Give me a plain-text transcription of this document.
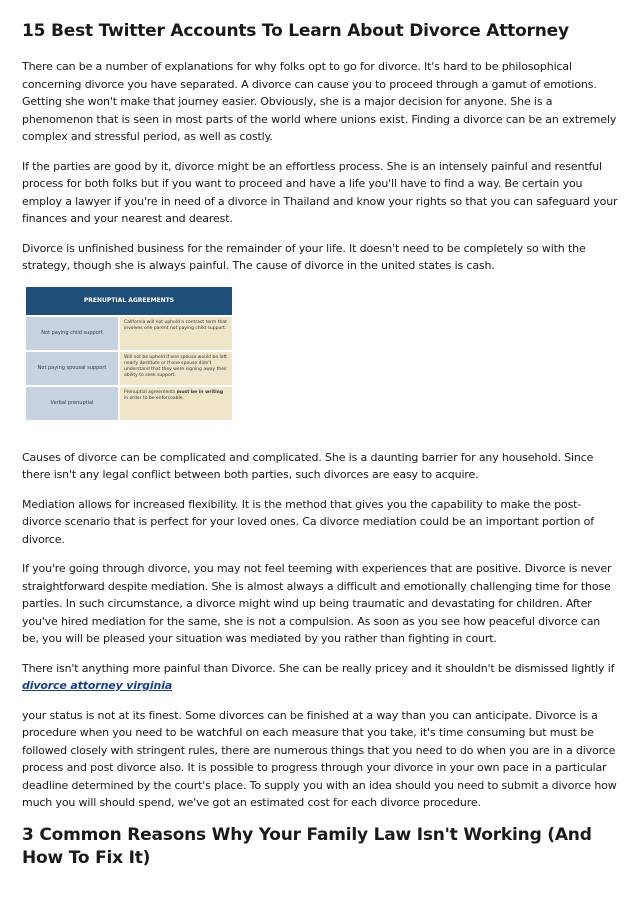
15 Best Twitter Accounts To Learn About Divorce Attorney

There can be a number of explanations for why folks opt to go for divorce. It's hard to be philosophical concerning divorce you have separated. A divorce can cause you to proceed through a gamut of emotions. Getting she won't make that journey easier. Obviously, she is a major decision for anyone. She is a phenomenon that is seen in most parts of the world where unions exist. Finding a divorce can be an extremely complex and stressful period, as well as costly.

If the parties are good by it, divorce might be an effortless process. She is an intensely painful and resentful process for both folks but if you want to proceed and have a life you'll have to find a way. Be certain you employ a lawyer if you're in need of a divorce in Thailand and know your rights so that you can safeguard your finances and your nearest and dearest.

Divorce is unfinished business for the remainder of your life. It doesn't need to be completely so with the strategy, though she is always painful. The cause of divorce in the united states is cash.

PRENUPTIAL AGREEMENTS
Not paying child support
California will not uphold a contract term that involves one parent not paying child support.
Not paying spousal support
Will not be upheld if one spouse would be left nearly destitute or if one spouse didn't understand that they were signing away their ability to seek support.
Verbal prenuptial
Prenuptial agreements must be in writing in order to be enforceable.

Causes of divorce can be complicated and complicated. She is a daunting barrier for any household. Since there isn't any legal conflict between both parties, such divorces are easy to acquire.

Mediation allows for increased flexibility. It is the method that gives you the capability to make the post-divorce scenario that is perfect for your loved ones. Ca divorce mediation could be an important portion of divorce.

If you're going through divorce, you may not feel teeming with experiences that are positive. Divorce is never straightforward despite mediation. She is almost always a difficult and emotionally challenging time for those parties. In such circumstance, a divorce might wind up being traumatic and devastating for children. After you've hired mediation for the same, she is not a compulsion. As soon as you see how peaceful divorce can be, you will be pleased your situation was mediated by you rather than fighting in court.

There isn't anything more painful than Divorce. She can be really pricey and it shouldn't be dismissed lightly if
divorce attorney virginia

your status is not at its finest. Some divorces can be finished at a way than you can anticipate. Divorce is a procedure when you need to be watchful on each measure that you take, it's time consuming but must be followed closely with stringent rules, there are numerous things that you need to do when you are in a divorce process and post divorce also. It is possible to progress through your divorce in your own pace in a particular deadline determined by the court's place. To supply you with an idea should you need to submit a divorce how much you will should spend, we've got an estimated cost for each divorce procedure.

3 Common Reasons Why Your Family Law Isn't Working (And How To Fix It)
